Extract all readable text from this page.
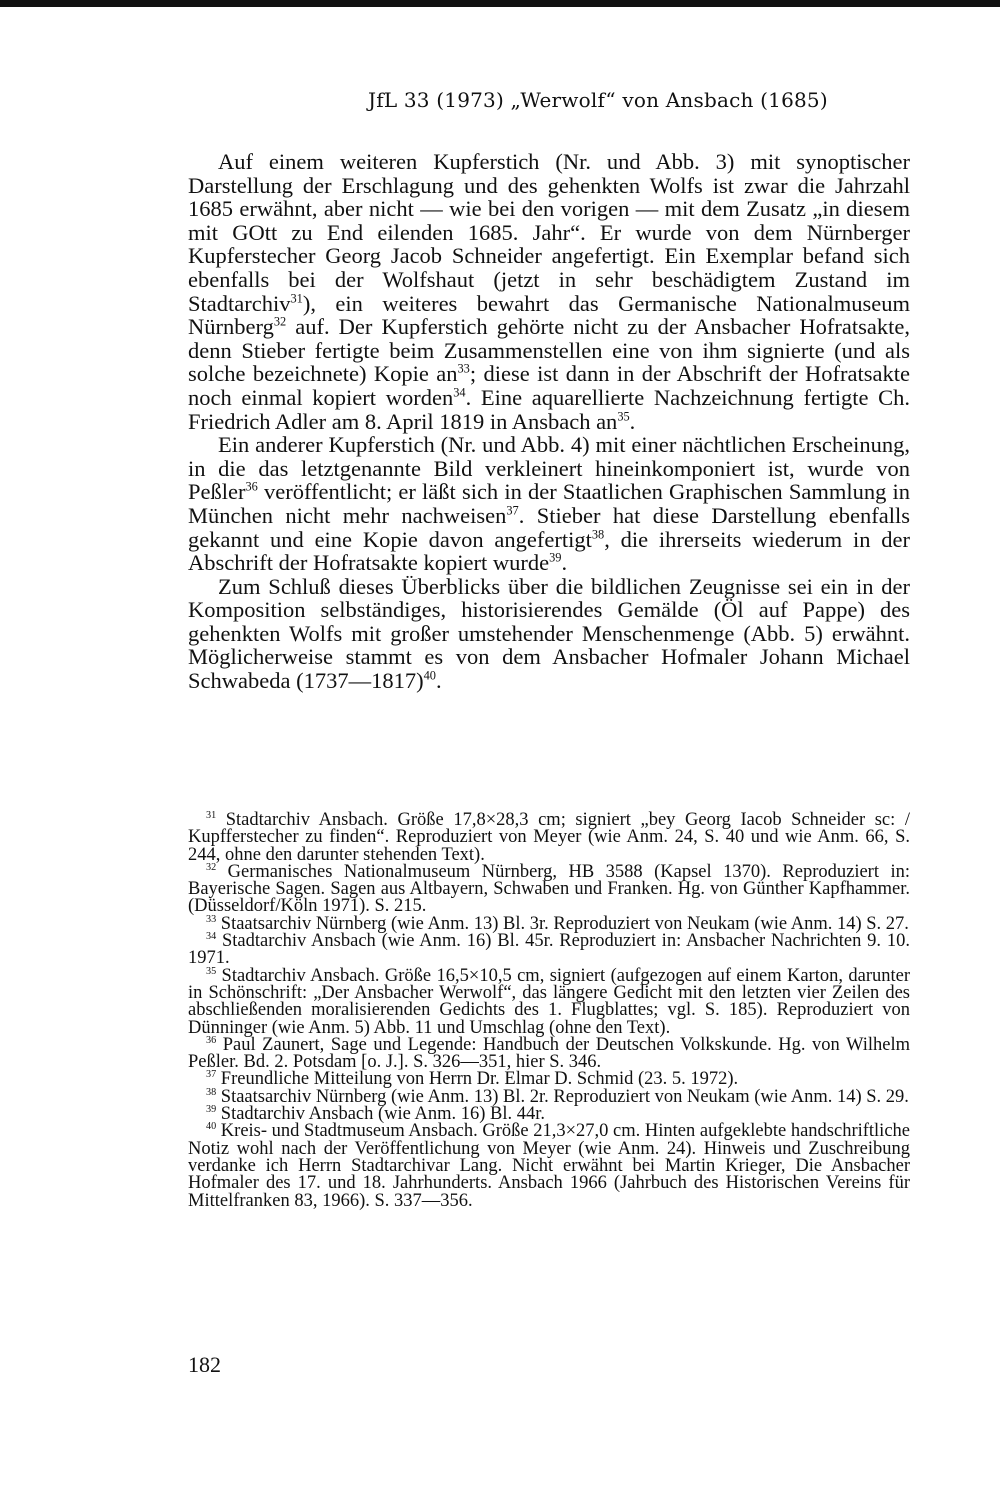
JfL 33 (1973) „Werwolf“ von Ansbach (1685)

Auf einem weiteren Kupferstich (Nr. und Abb. 3) mit synoptischer Darstellung der Erschlagung und des gehenkten Wolfs ist zwar die Jahrzahl 1685 erwähnt, aber nicht — wie bei den vorigen — mit dem Zusatz „in diesem mit GOtt zu End eilenden 1685. Jahr“. Er wurde von dem Nürnberger Kupferstecher Georg Jacob Schneider angefertigt. Ein Exemplar befand sich ebenfalls bei der Wolfshaut (jetzt in sehr beschädigtem Zustand im Stadtarchiv$^{31}$), ein weiteres bewahrt das Germanische Nationalmuseum Nürnberg$^{32}$ auf. Der Kupferstich gehörte nicht zu der Ansbacher Hofratsakte, denn Stieber fertigte beim Zusammenstellen eine von ihm signierte (und als solche bezeichnete) Kopie $an^{33}$; diese ist dann in der Abschrift der Hofratsakte noch einmal kopiert worden$^{34}$. Eine aquarellierte Nachzeichnung fertigte Ch. Friedrich Adler am 8. April 1819 in Ansbach $an^{35}$.

Ein anderer Kupferstich (Nr. und Abb. 4) mit einer nächtlichen Erscheinung, in die das letztgenannte Bild verkleinert hineinkomponiert ist, wurde von Peßler$^{36}$ veröffentlicht; er läßt sich in der Staatlichen Graphischen Sammlung in München nicht mehr nachweisen$^{37}$. Stieber hat diese Darstellung ebenfalls gekannt und eine Kopie davon angefertigt$^{38}$, die ihrerseits wiederum in der Abschrift der Hofratsakte kopiert wurde$^{39}$.

Zum Schluß dieses Überblicks über die bildlichen Zeugnisse sei ein in der Komposition selbständiges, historisierendes Gemälde (Öl auf Pappe) des gehenkten Wolfs mit großer umstehender Menschenmenge (Abb. 5) erwähnt. Möglicherweise stammt es von dem Ansbacher Hofmaler Johann Michael Schwabeda (1737—1817)$^{40}$.

$^{31}$ Stadtarchiv Ansbach. Größe 17,8×28,3 cm; signiert „bey Georg Iacob Schneider sc: / Kupfferstecher zu finden“. Reproduziert von Meyer (wie Anm. 24, S. 40 und wie Anm. 66, S. 244, ohne den darunter stehenden Text).

$^{32}$ Germanisches Nationalmuseum Nürnberg, HB 3588 (Kapsel 1370). Reproduziert in: Bayerische Sagen. Sagen aus Altbayern, Schwaben und Franken. Hg. von Günther Kapfhammer. (Düsseldorf/Köln 1971). S. 215.

$^{33}$ Staatsarchiv Nürnberg (wie Anm. 13) Bl. 3r. Reproduziert von Neukam (wie Anm. 14) S. 27.

$^{34}$ Stadtarchiv Ansbach (wie Anm. 16) Bl. 45r. Reproduziert in: Ansbacher Nachrichten 9. 10. 1971.

$^{35}$ Stadtarchiv Ansbach. Größe 16,5×10,5 cm, signiert (aufgezogen auf einem Karton, darunter in Schönschrift: „Der Ansbacher Werwolf“, das längere Gedicht mit den letzten vier Zeilen des abschließenden moralisierenden Gedichts des 1. Flugblattes; vgl. S. 185). Reproduziert von Dünninger (wie Anm. 5) Abb. 11 und Umschlag (ohne den Text).

$^{36}$ Paul Zaunert, Sage und Legende: Handbuch der Deutschen Volkskunde. Hg. von Wilhelm Peßler. Bd. 2. Potsdam [o. J.]. S. 326—351, hier S. 346.

$^{37}$ Freundliche Mitteilung von Herrn Dr. Elmar D. Schmid (23. 5. 1972).

$^{38}$ Staatsarchiv Nürnberg (wie Anm. 13) Bl. 2r. Reproduziert von Neukam (wie Anm. 14) S. 29.

$^{39}$ Stadtarchiv Ansbach (wie Anm. 16) Bl. 44r.

$^{40}$ Kreis- und Stadtmuseum Ansbach. Größe 21,3×27,0 cm. Hinten aufgeklebte handschriftliche Notiz wohl nach der Veröffentlichung von Meyer (wie Anm. 24). Hinweis und Zuschreibung verdanke ich Herrn Stadtarchivar Lang. Nicht erwähnt bei Martin Krieger, Die Ansbacher Hofmaler des 17. und 18. Jahrhunderts. Ansbach 1966 (Jahrbuch des Historischen Vereins für Mittelfranken 83, 1966). S. 337—356.

182
